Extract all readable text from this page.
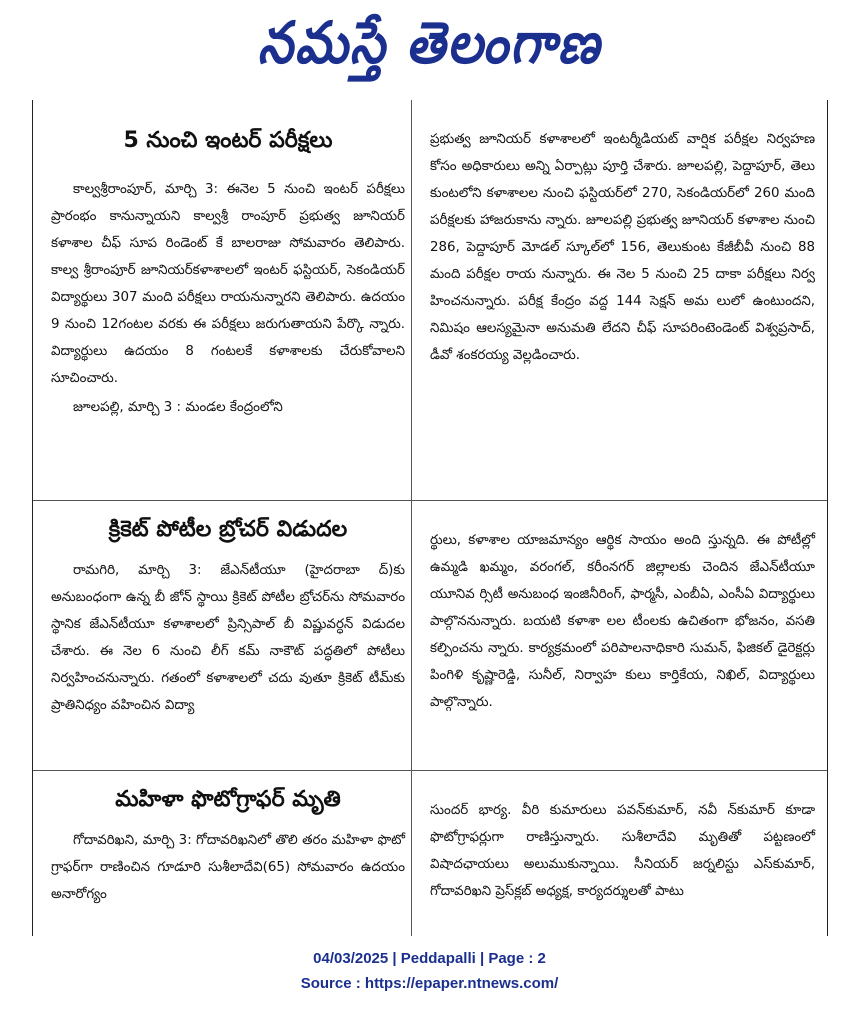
నమస్తే తెలంగాణ
5 నుంచి ఇంటర్ పరీక్షలు

కాల్వశ్రీరాంపూర్, మార్చి 3: ఈనెల 5 నుంచి ఇంటర్ పరీక్షలు ప్రారంభం కానున్నాయని కాల్వశ్రీ రాంపూర్ ప్రభుత్వ జూనియర్ కళాశాల చీఫ్ సూప రిండెంట్ కే బాలరాజు సోమవారం తెలిపారు. కాల్వ శ్రీరాంపూర్ జూనియర్‌కళాశాలలో ఇంటర్ ఫస్టియర్, సెకండియర్ విద్యార్థులు 307 మంది పరీక్షలు రాయనున్నారని తెలిపారు. ఉదయం 9 నుంచి 12గంటల వరకు ఈ పరీక్షలు జరుగుతాయని పేర్కొ న్నారు. విద్యార్థులు ఉదయం 8 గంటలకే కళాశాలకు చేరుకోవాలని సూచించారు.

జూలపల్లి, మార్చి 3 : మండల కేంద్రంలోని

ప్రభుత్వ జూనియర్ కళాశాలలో ఇంటర్మీడియట్ వార్షిక పరీక్షల నిర్వహణ కోసం అధికారులు అన్ని ఏర్పాట్లు పూర్తి చేశారు. జూలపల్లి, పెద్దాపూర్, తెలు కుంటలోని కళాశాలల నుంచి ఫస్టియర్‌లో 270, సెకండియర్‌లో 260 మంది పరీక్షలకు హాజరుకాను న్నారు. జూలపల్లి ప్రభుత్వ జూనియర్ కళాశాల నుంచి 286, పెద్దాపూర్ మోడల్ స్కూల్‌లో 156, తెలుకుంట కేజీబీవీ నుంచి 88 మంది పరీక్షల రాయ నున్నారు. ఈ నెల 5 నుంచి 25 దాకా పరీక్షలు నిర్వ హించనున్నారు. పరీక్ష కేంద్రం వద్ద 144 సెక్షన్ అమ లులో ఉంటుందని, నిమిషం ఆలస్యమైనా అనుమతి లేదని చీఫ్ సూపరింటెండెంట్ విశ్వప్రసాద్, డీవో శంకరయ్య వెల్లడించారు.

క్రికెట్ పోటీల బ్రోచర్ విడుదల

రామగిరి, మార్చి 3: జేఎన్‌టీయూ (హైదరాబా ద్)కు అనుబంధంగా ఉన్న బీ జోన్ స్థాయి క్రికెట్ పోటీల బ్రోచర్‌ను సోమవారం స్థానిక జేఎన్‌టీయూ కళాశాలలో ప్రిన్సిపాల్ బీ విష్ణువర్ధన్ విడుదల చేశారు. ఈ నెల 6 నుంచి లీగ్ కమ్ నాకౌట్ పద్ధతిలో పోటీలు నిర్వహించనున్నారు. గతంలో కళాశాలలో చదు వుతూ క్రికెట్ టీమ్‌కు ప్రాతినిధ్యం వహించిన విద్యా

ర్థులు, కళాశాల యాజమాన్యం ఆర్థిక సాయం అంది స్తున్నది. ఈ పోటీల్లో ఉమ్మడి ఖమ్మం, వరంగల్, కరీంనగర్ జిల్లాలకు చెందిన జేఎన్‌టీయూ యూనివ ర్సిటీ అనుబంధ ఇంజినీరింగ్, ఫార్మసీ, ఎంబీఏ, ఎంసీఏ విద్యార్థులు పాల్గొననున్నారు. బయటి కళాశా లల టీంలకు ఉచితంగా భోజనం, వసతి కల్పించను న్నారు. కార్యక్రమంలో పరిపాలనాధికారి సుమన్, ఫిజికల్ డైరెక్టర్లు పింగిళి కృష్ణారెడ్డి, సునీల్, నిర్వాహ కులు కార్తికేయ, నిఖిల్, విద్యార్థులు పాల్గొన్నారు.

మహిళా ఫొటోగ్రాఫర్ మృతి

గోదావరిఖని, మార్చి 3: గోదావరిఖనిలో తొలి తరం మహిళా ఫొటో గ్రాఫర్‌గా రాణించిన గూడూరి సుశీలాదేవి(65) సోమవారం ఉదయం అనారోగ్యం

సుందర్ భార్య. వీరి కుమారులు పవన్‌కుమార్, నవీ న్‌కుమార్ కూడా ఫొటోగ్రాఫర్లుగా రాణిస్తున్నారు. సుశీలాదేవి మృతితో పట్టణంలో విషాదఛాయలు అలుముకున్నాయి. సీనియర్ జర్నలిస్టు ఎస్‌కుమార్, గోదావరిఖని ప్రెస్‌క్లబ్ అధ్యక్ష, కార్యదర్శులతో పాటు

04/03/2025 | Peddapalli | Page : 2
Source : https://epaper.ntnews.com/
